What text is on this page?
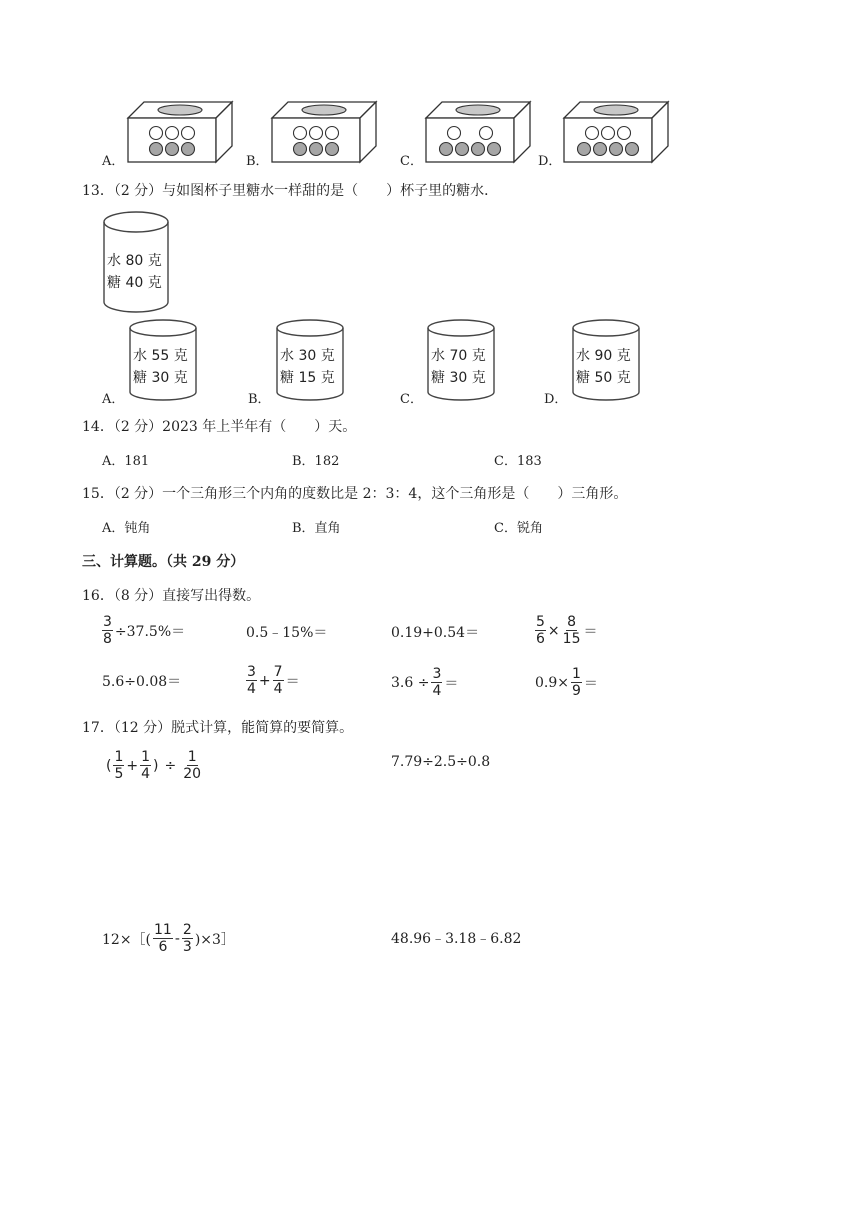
A．	B．	C．	D．
13．（2 分）与如图杯子里糖水一样甜的是（　　）杯子里的糖水．
水 80 克
糖 40 克
A．
水 55 克
糖 30 克
B．
水 30 克
糖 15 克
C．
水 70 克
糖 30 克
D．
水 90 克
糖 50 克
14．（2 分）2023 年上半年有（　　）天。
A．181	B．182	C．183
15．（2 分）一个三角形三个内角的度数比是 2：3：4，这个三角形是（　　）三角形。
A．钝角	B．直角	C．锐角
三、计算题。（共 29 分）
16．（8 分）直接写出得数。
$\frac{3}{8} \div 37.5\%=$	0.5﹣15%＝	0.19+0.54＝	$\frac{5}{6} \times \frac{8}{15}$ ＝
5.6÷0.08＝	$\frac{3}{4} + \frac{7}{4}$ ＝	$3.6 \div \frac{3}{4}$ ＝	$0.9\times \frac{1}{9}$ ＝
17．（12 分）脱式计算，能简算的要简算。
( $\frac{1}{5} + \frac{1}{4}$ ) ÷ $\frac{1}{20}$	7.79÷2.5÷0.8
12×［( $\frac{11}{6} - \frac{2}{3}$ )×3］	48.96﹣3.18﹣6.82
